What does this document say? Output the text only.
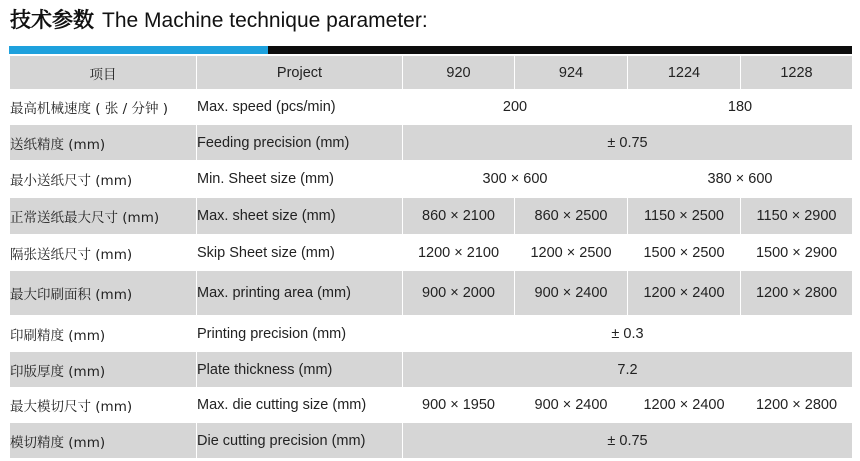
技术参数 The Machine technique parameter:
项目	Project	920	924	1224	1228
最高机械速度 ( 张 / 分钟 )	Max. speed (pcs/min)	200		180	
送纸精度 (mm)	Feeding precision (mm)	± 0.75			
最小送纸尺寸 (mm)	Min. Sheet size (mm)	300 × 600		380 × 600	
正常送纸最大尺寸 (mm)	Max. sheet size (mm)	860 × 2100	860 × 2500	1150 × 2500	1150 × 2900
隔张送纸尺寸 (mm)	Skip Sheet size (mm)	1200 × 2100	1200 × 2500	1500 × 2500	1500 × 2900
最大印刷面积 (mm)	Max. printing area (mm)	900 × 2000	900 × 2400	1200 × 2400	1200 × 2800
印刷精度 (mm)	Printing precision (mm)	± 0.3			
印版厚度 (mm)	Plate thickness (mm)	7.2			
最大模切尺寸 (mm)	Max. die cutting size (mm)	900 × 1950	900 × 2400	1200 × 2400	1200 × 2800
模切精度 (mm)	Die cutting precision (mm)	± 0.75			
